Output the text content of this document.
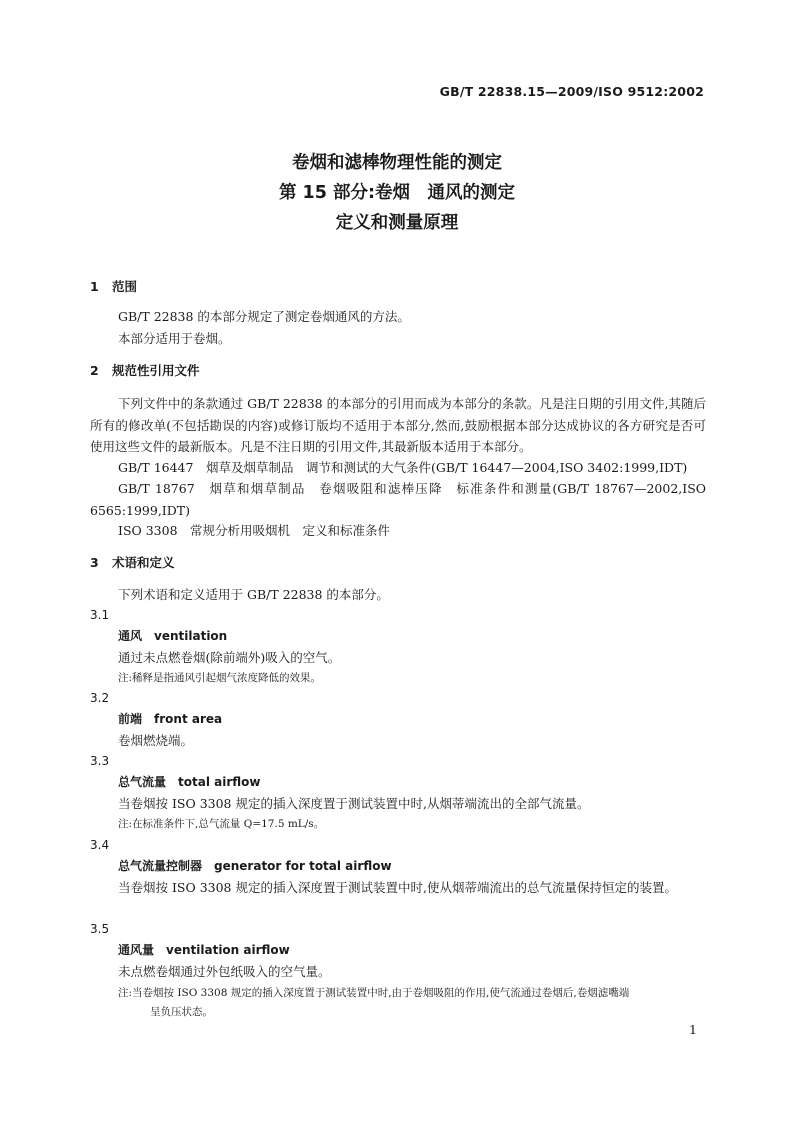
GB/T 22838.15—2009/ISO 9512:2002
卷烟和滤棒物理性能的测定
第 15 部分:卷烟　通风的测定
定义和测量原理
1 范围
GB/T 22838 的本部分规定了测定卷烟通风的方法。
本部分适用于卷烟。
2 规范性引用文件
下列文件中的条款通过 GB/T 22838 的本部分的引用而成为本部分的条款。凡是注日期的引用文件,其随后所有的修改单(不包括勘误的内容)或修订版均不适用于本部分,然而,鼓励根据本部分达成协议的各方研究是否可使用这些文件的最新版本。凡是不注日期的引用文件,其最新版本适用于本部分。
GB/T 16447　烟草及烟草制品　调节和测试的大气条件(GB/T 16447—2004,ISO 3402:1999,IDT)
GB/T 18767　烟草和烟草制品　卷烟吸阻和滤棒压降　标准条件和测量(GB/T 18767—2002,ISO 6565:1999,IDT)
ISO 3308　常规分析用吸烟机　定义和标准条件
3 术语和定义
下列术语和定义适用于 GB/T 22838 的本部分。
3.1
通风 ventilation
通过未点燃卷烟(除前端外)吸入的空气。
注:稀释是指通风引起烟气浓度降低的效果。
3.2
前端 front area
卷烟燃烧端。
3.3
总气流量 total airflow
当卷烟按 ISO 3308 规定的插入深度置于测试装置中时,从烟蒂端流出的全部气流量。
注:在标准条件下,总气流量 Q=17.5 mL/s。
3.4
总气流量控制器 generator for total airflow
当卷烟按 ISO 3308 规定的插入深度置于测试装置中时,使从烟蒂端流出的总气流量保持恒定的装置。
3.5
通风量 ventilation airflow
未点燃卷烟通过外包纸吸入的空气量。
注:当卷烟按 ISO 3308 规定的插入深度置于测试装置中时,由于卷烟吸阻的作用,使气流通过卷烟后,卷烟滤嘴端
呈负压状态。
1
